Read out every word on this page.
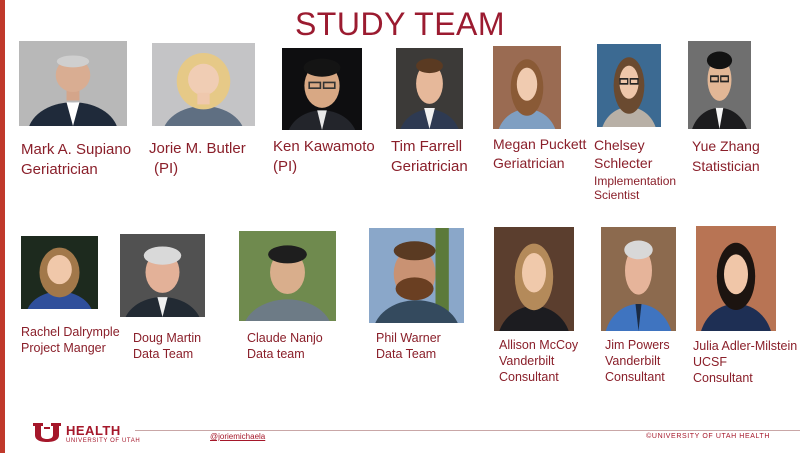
STUDY TEAM
Mark A. Supiano
Geriatrician
Jorie M. Butler
(PI)
Ken Kawamoto
(PI)
Tim Farrell
Geriatrician
Megan Puckett
Geriatrician
Chelsey
Schlecter
Implementation Scientist
Yue Zhang
Statistician
Rachel Dalrymple
Project Manger
Doug Martin
Data Team
Claude Nanjo
Data team
Phil Warner
Data Team
Allison McCoy
Vanderbilt
Consultant
Jim Powers
Vanderbilt
Consultant
Julia Adler-Milstein
UCSF
Consultant
HEALTH
UNIVERSITY OF UTAH	@joriemichaela	©UNIVERSITY OF UTAH HEALTH
